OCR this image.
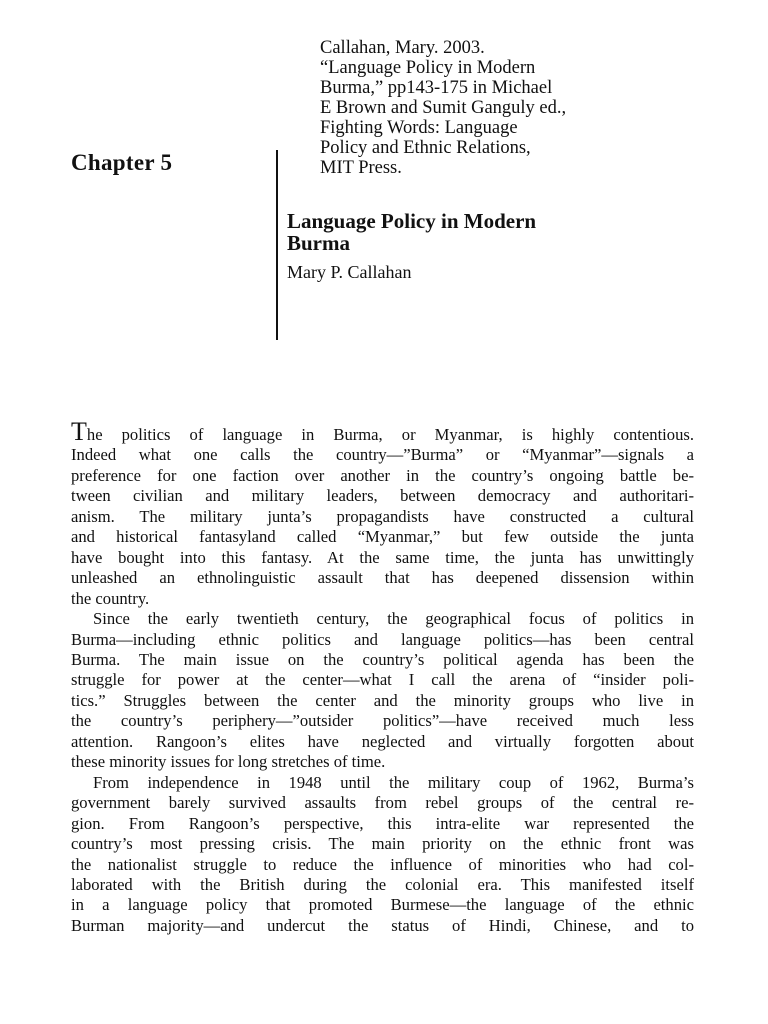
Callahan, Mary. 2003.
“Language Policy in Modern
Burma,” pp143-175 in Michael
E Brown and Sumit Ganguly ed.,
Fighting Words: Language
Policy and Ethnic Relations,
MIT Press.
Chapter 5
Language Policy in Modern
Burma
Mary P. Callahan
The politics of language in Burma, or Myanmar, is highly contentious.
Indeed what one calls the country—”Burma” or “Myanmar”—signals a
preference for one faction over another in the country’s ongoing battle be-
tween civilian and military leaders, between democracy and authoritari-
anism. The military junta’s propagandists have constructed a cultural
and historical fantasyland called “Myanmar,” but few outside the junta
have bought into this fantasy. At the same time, the junta has unwittingly
unleashed an ethnolinguistic assault that has deepened dissension within
the country.
Since the early twentieth century, the geographical focus of politics in
Burma—including ethnic politics and language politics—has been central
Burma. The main issue on the country’s political agenda has been the
struggle for power at the center—what I call the arena of “insider poli-
tics.” Struggles between the center and the minority groups who live in
the country’s periphery—”outsider politics”—have received much less
attention. Rangoon’s elites have neglected and virtually forgotten about
these minority issues for long stretches of time.
From independence in 1948 until the military coup of 1962, Burma’s
government barely survived assaults from rebel groups of the central re-
gion. From Rangoon’s perspective, this intra-elite war represented the
country’s most pressing crisis. The main priority on the ethnic front was
the nationalist struggle to reduce the influence of minorities who had col-
laborated with the British during the colonial era. This manifested itself
in a language policy that promoted Burmese—the language of the ethnic
Burman majority—and undercut the status of Hindi, Chinese, and to
